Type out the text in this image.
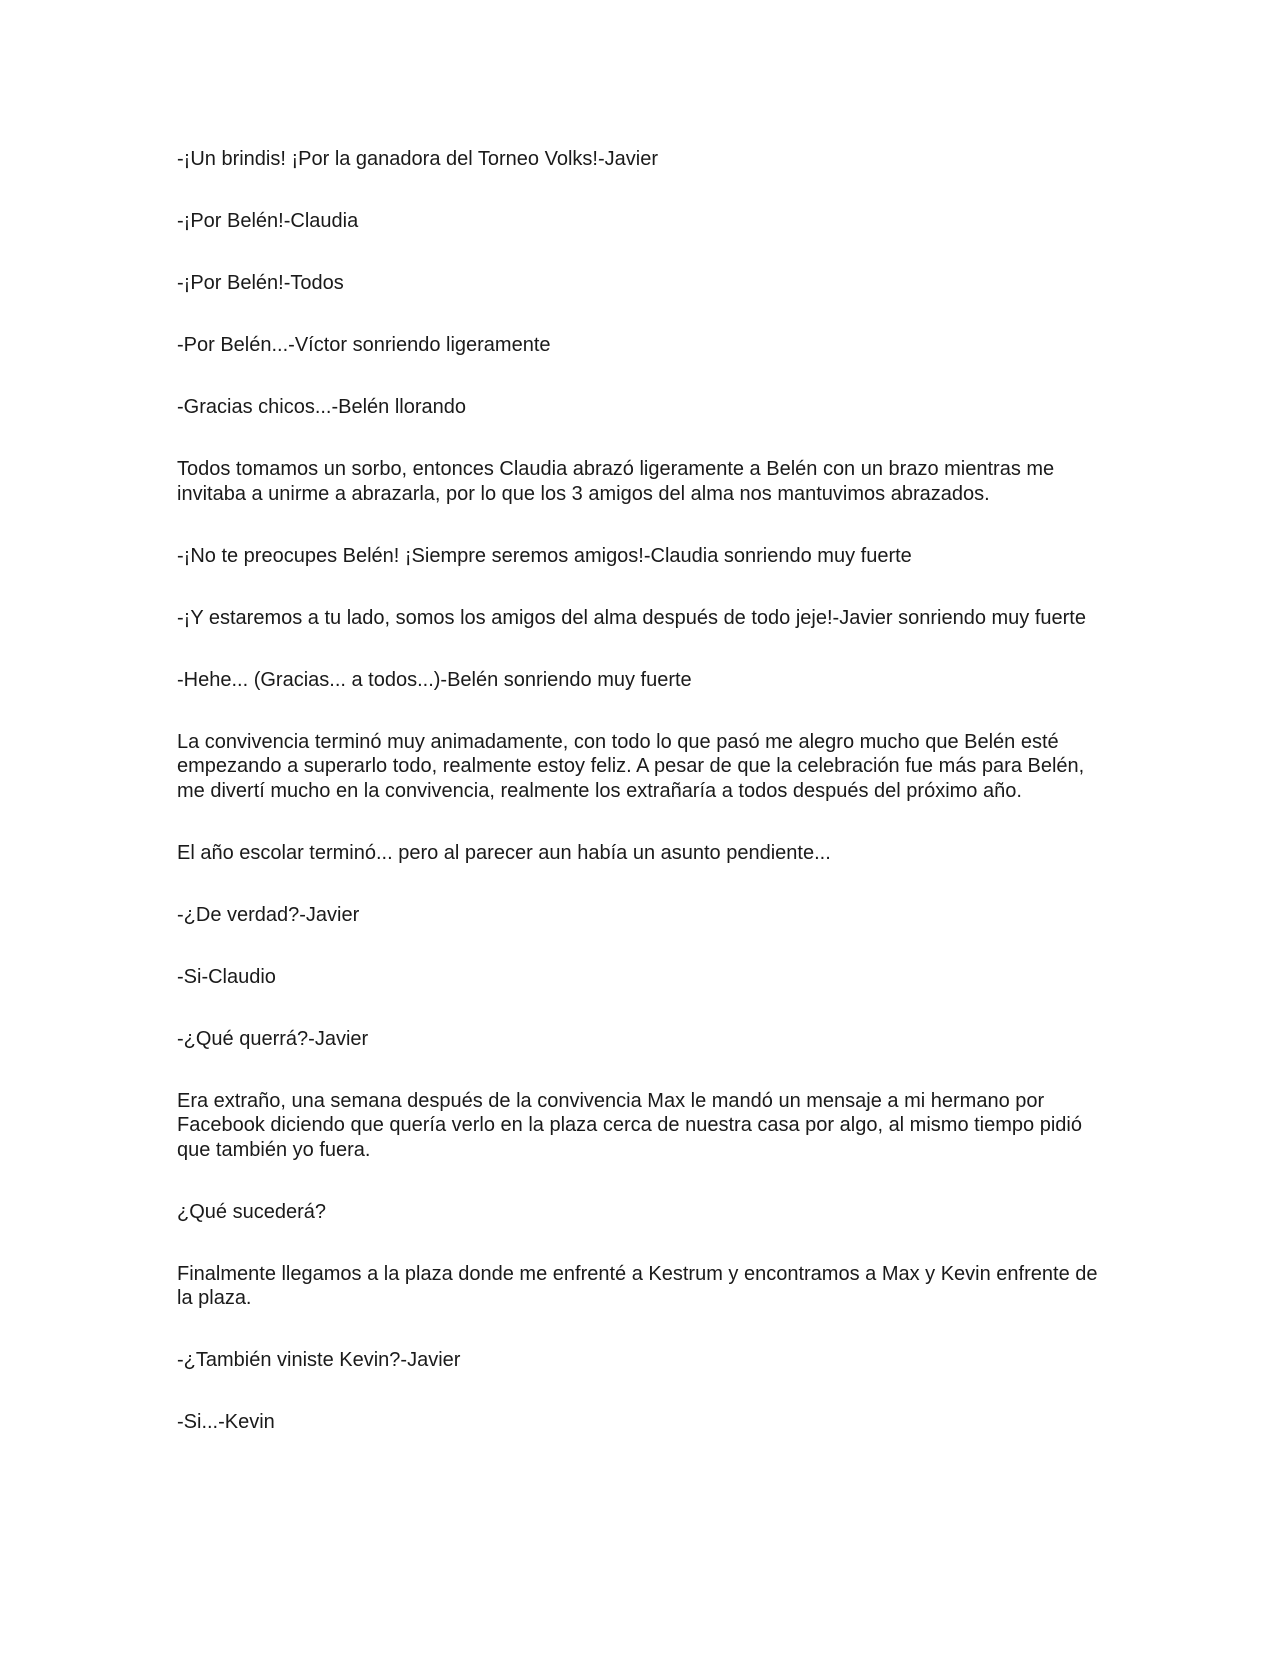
-¡Un brindis! ¡Por la ganadora del Torneo Volks!-Javier

-¡Por Belén!-Claudia

-¡Por Belén!-Todos

-Por Belén...-Víctor sonriendo ligeramente

-Gracias chicos...-Belén llorando

Todos tomamos un sorbo, entonces Claudia abrazó ligeramente a Belén con un brazo mientras me invitaba a unirme a abrazarla, por lo que los 3 amigos del alma nos mantuvimos abrazados.

-¡No te preocupes Belén! ¡Siempre seremos amigos!-Claudia sonriendo muy fuerte

-¡Y estaremos a tu lado, somos los amigos del alma después de todo jeje!-Javier sonriendo muy fuerte

-Hehe... (Gracias... a todos...)-Belén sonriendo muy fuerte

La convivencia terminó muy animadamente, con todo lo que pasó me alegro mucho que Belén esté empezando a superarlo todo, realmente estoy feliz. A pesar de que la celebración fue más para Belén, me divertí mucho en la convivencia, realmente los extrañaría a todos después del próximo año.

El año escolar terminó... pero al parecer aun había un asunto pendiente...

-¿De verdad?-Javier

-Si-Claudio

-¿Qué querrá?-Javier

Era extraño, una semana después de la convivencia Max le mandó un mensaje a mi hermano por Facebook diciendo que quería verlo en la plaza cerca de nuestra casa por algo, al mismo tiempo pidió que también yo fuera.

¿Qué sucederá?

Finalmente llegamos a la plaza donde me enfrenté a Kestrum y encontramos a Max y Kevin enfrente de la plaza.

-¿También viniste Kevin?-Javier

-Si...-Kevin
